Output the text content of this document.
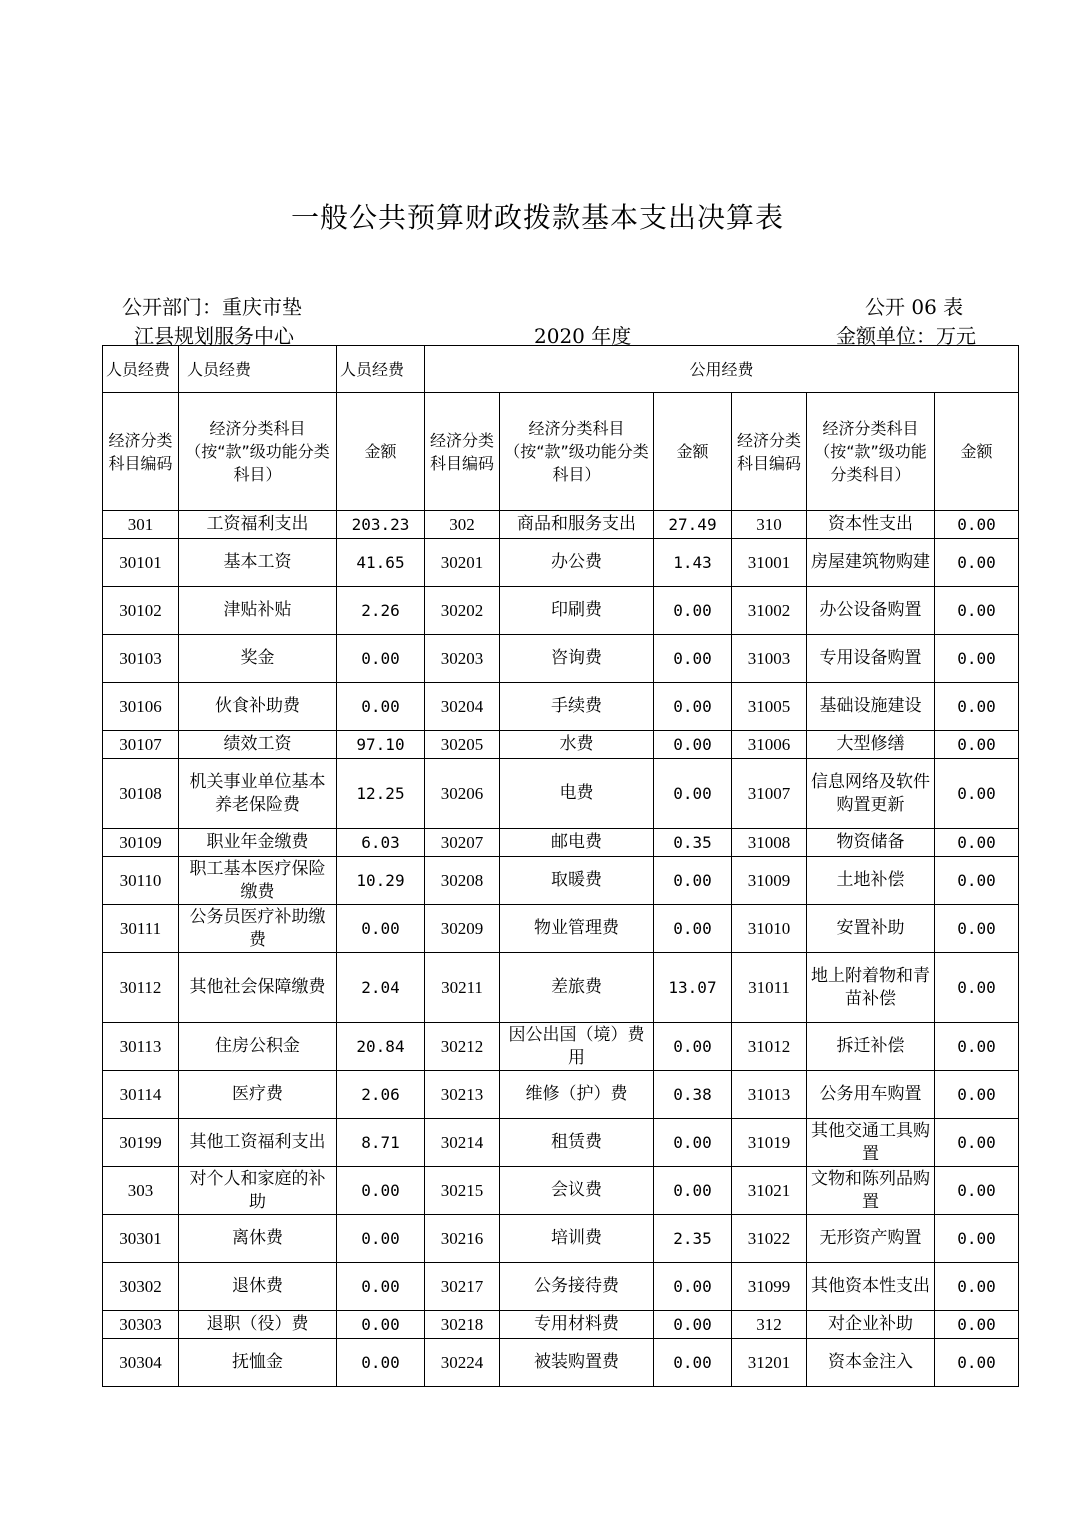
一般公共预算财政拨款基本支出决算表
公开部门：重庆市垫
江县规划服务中心	2020 年度
公开 06 表
金额单位：万元
人员经费	人员经费	人员经费	公用经费					
经济分类科目编码	经济分类科目（按“款”级功能分类科目）	金额	经济分类科目编码	经济分类科目（按“款”级功能分类科目）	金额	经济分类科目编码	经济分类科目（按“款”级功能分类科目）	金额
301	工资福利支出	203.23	302	商品和服务支出	27.49	310	资本性支出	0.00
30101	基本工资	41.65	30201	办公费	1.43	31001	房屋建筑物购建	0.00
30102	津贴补贴	2.26	30202	印刷费	0.00	31002	办公设备购置	0.00
30103	奖金	0.00	30203	咨询费	0.00	31003	专用设备购置	0.00
30106	伙食补助费	0.00	30204	手续费	0.00	31005	基础设施建设	0.00
30107	绩效工资	97.10	30205	水费	0.00	31006	大型修缮	0.00
30108	机关事业单位基本养老保险费	12.25	30206	电费	0.00	31007	信息网络及软件购置更新	0.00
30109	职业年金缴费	6.03	30207	邮电费	0.35	31008	物资储备	0.00
30110	职工基本医疗保险缴费	10.29	30208	取暖费	0.00	31009	土地补偿	0.00
30111	公务员医疗补助缴费	0.00	30209	物业管理费	0.00	31010	安置补助	0.00
30112	其他社会保障缴费	2.04	30211	差旅费	13.07	31011	地上附着物和青苗补偿	0.00
30113	住房公积金	20.84	30212	因公出国（境）费用	0.00	31012	拆迁补偿	0.00
30114	医疗费	2.06	30213	维修（护）费	0.38	31013	公务用车购置	0.00
30199	其他工资福利支出	8.71	30214	租赁费	0.00	31019	其他交通工具购置	0.00
303	对个人和家庭的补助	0.00	30215	会议费	0.00	31021	文物和陈列品购置	0.00
30301	离休费	0.00	30216	培训费	2.35	31022	无形资产购置	0.00
30302	退休费	0.00	30217	公务接待费	0.00	31099	其他资本性支出	0.00
30303	退职（役）费	0.00	30218	专用材料费	0.00	312	对企业补助	0.00
30304	抚恤金	0.00	30224	被装购置费	0.00	31201	资本金注入	0.00
